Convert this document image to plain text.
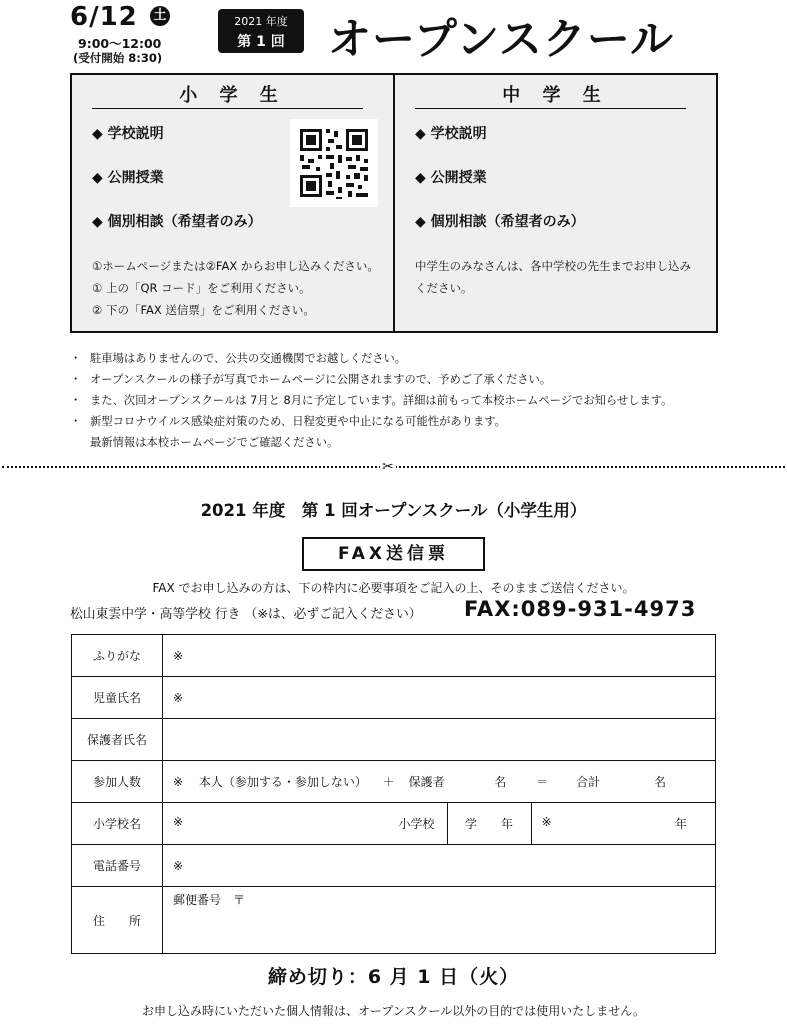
6/12 土
9:00～12:00
(受付開始 8:30)
2021 年度
第 1 回	オープンスクール
小 学 生
◆ 学校説明
◆ 公開授業
◆ 個別相談（希望者のみ）
①ホームページまたは②FAX からお申し込みください。
① 上の「QR コード」をご利用ください。
② 下の「FAX 送信票」をご利用ください。
中 学 生
◆ 学校説明
◆ 公開授業
◆ 個別相談（希望者のみ）
中学生のみなさんは、各中学校の先生までお申し込み
ください。
・ 駐車場はありませんので、公共の交通機関でお越しください。
・ オープンスクールの様子が写真でホームページに公開されますので、予めご了承ください。
・ また、次回オープンスクールは 7月と 8月に予定しています。詳細は前もって本校ホームページでお知らせします。
・ 新型コロナウイルス感染症対策のため、日程変更や中止になる可能性があります。
最新情報は本校ホームページでご確認ください。
✂
2021 年度　第 1 回オープンスクール（小学生用）
FAX送信票
FAX でお申し込みの方は、下の枠内に必要事項をご記入の上、そのままご送信ください。
松山東雲中学・高等学校 行き （※は、必ずご記入ください） FAX:089-931-4973
ふりがな	※
児童氏名	※
保護者氏名	
参加人数	※ 本人（参加する・参加しない） ＋ 保護者	名 ＝ 合計	名
小学校名		※	小学校	学　　年	※	年

電話番号	※
住　　所	郵便番号　〒
締め切り：6 月 1 日（火）
お申し込み時にいただいた個人情報は、オープンスクール以外の目的では使用いたしません。
